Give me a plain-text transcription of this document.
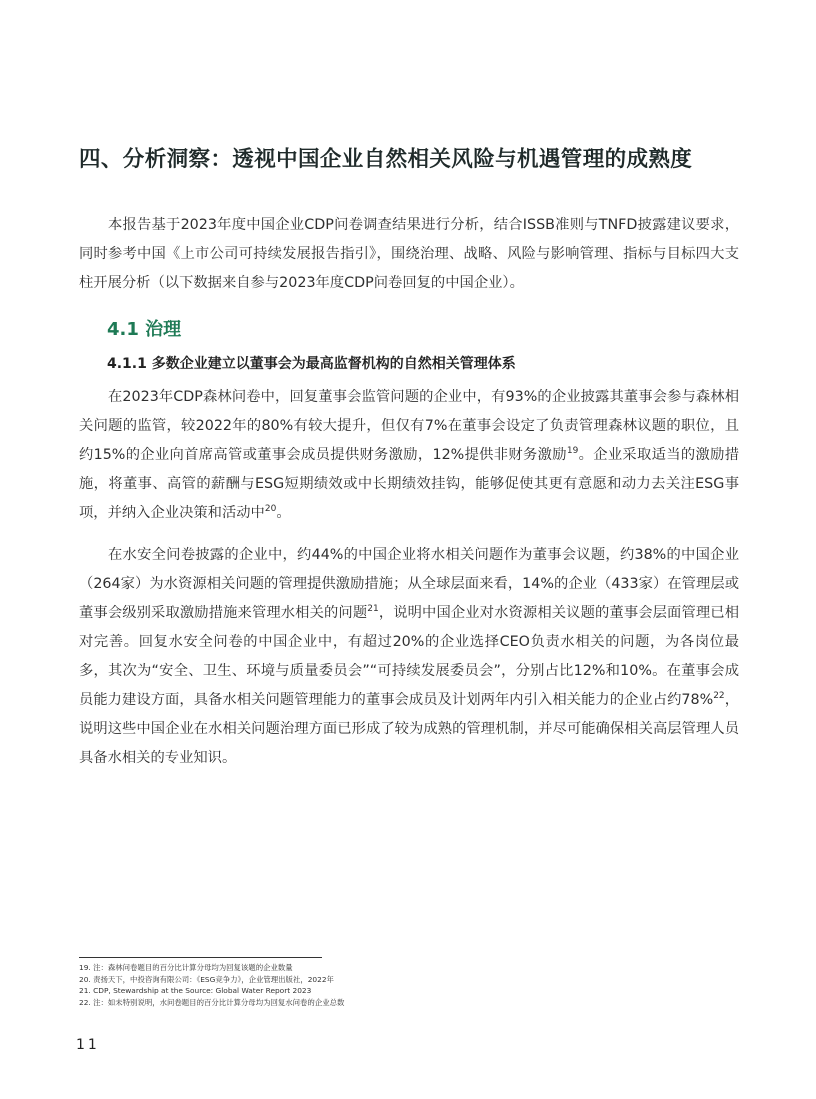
四、分析洞察：透视中国企业自然相关风险与机遇管理的成熟度

本报告基于2023年度中国企业CDP问卷调查结果进行分析，结合ISSB准则与TNFD披露建议要求，同时参考中国《上市公司可持续发展报告指引》，围绕治理、战略、风险与影响管理、指标与目标四大支柱开展分析（以下数据来自参与2023年度CDP问卷回复的中国企业）。

4.1 治理
4.1.1 多数企业建立以董事会为最高监督机构的自然相关管理体系

在2023年CDP森林问卷中，回复董事会监管问题的企业中，有93%的企业披露其董事会参与森林相关问题的监管，较2022年的80%有较大提升，但仅有7%在董事会设定了负责管理森林议题的职位，且约15%的企业向首席高管或董事会成员提供财务激励，12%提供非财务激励$^{19}$。企业采取适当的激励措施，将董事、高管的薪酬与ESG短期绩效或中长期绩效挂钩，能够促使其更有意愿和动力去关注ESG事项，并纳入企业决策和活动中$^{20}$。

在水安全问卷披露的企业中，约44%的中国企业将水相关问题作为董事会议题，约38%的中国企业（264家）为水资源相关问题的管理提供激励措施；从全球层面来看，14%的企业（433家）在管理层或董事会级别采取激励措施来管理水相关的问题$^{21}$，说明中国企业对水资源相关议题的董事会层面管理已相对完善。回复水安全问卷的中国企业中，有超过20%的企业选择CEO负责水相关的问题，为各岗位最多，其次为“安全、卫生、环境与质量委员会”“可持续发展委员会”，分别占比12%和10%。在董事会成员能力建设方面，具备水相关问题管理能力的董事会成员及计划两年内引入相关能力的企业占约78%$^{22}$，说明这些中国企业在水相关问题治理方面已形成了较为成熟的管理机制，并尽可能确保相关高层管理人员具备水相关的专业知识。

19. 注：森林问卷题目的百分比计算分母均为回复该题的企业数量
20. 责扬天下，中投咨询有限公司：《ESG竞争力》，企业管理出版社，2022年
21. CDP, Stewardship at the Source: Global Water Report 2023
22. 注：如未特别说明，水问卷题目的百分比计算分母均为回复水问卷的企业总数
11
